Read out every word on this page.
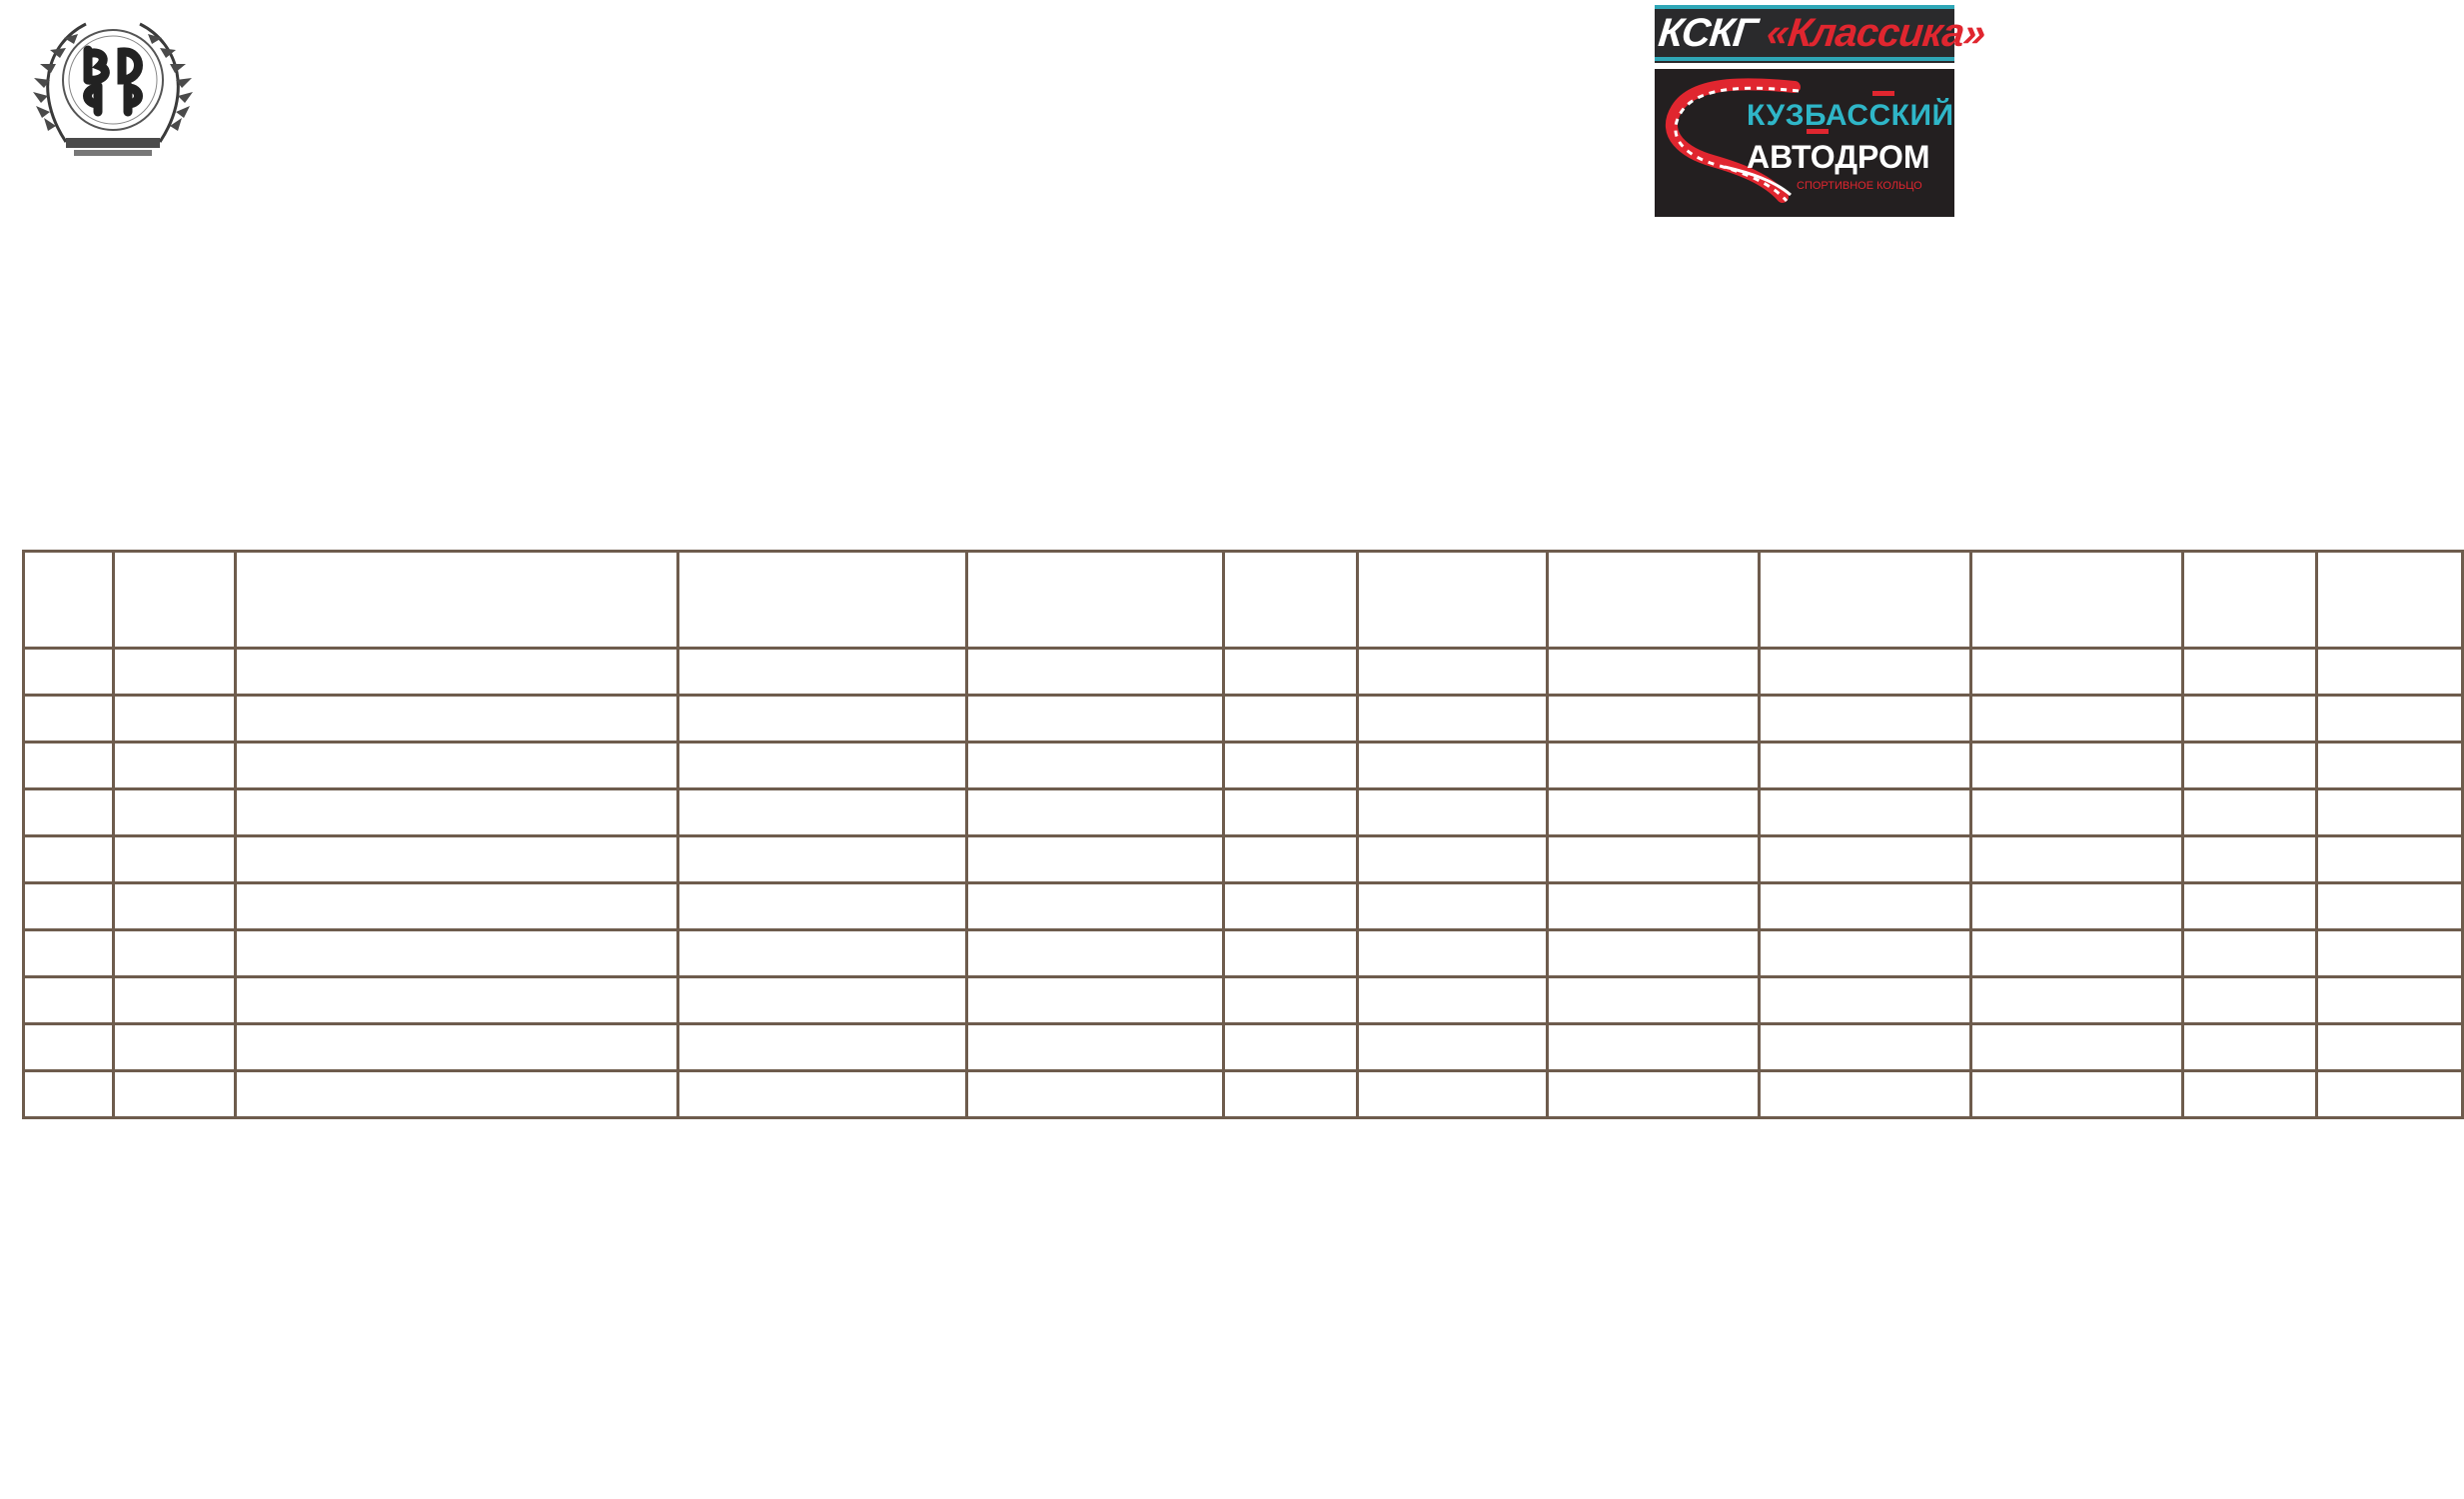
КСКГ «Классика»
КУЗБАССКИЙ
АВТОДРОМ
СПОРТИВНОЕ КОЛЬЦО
